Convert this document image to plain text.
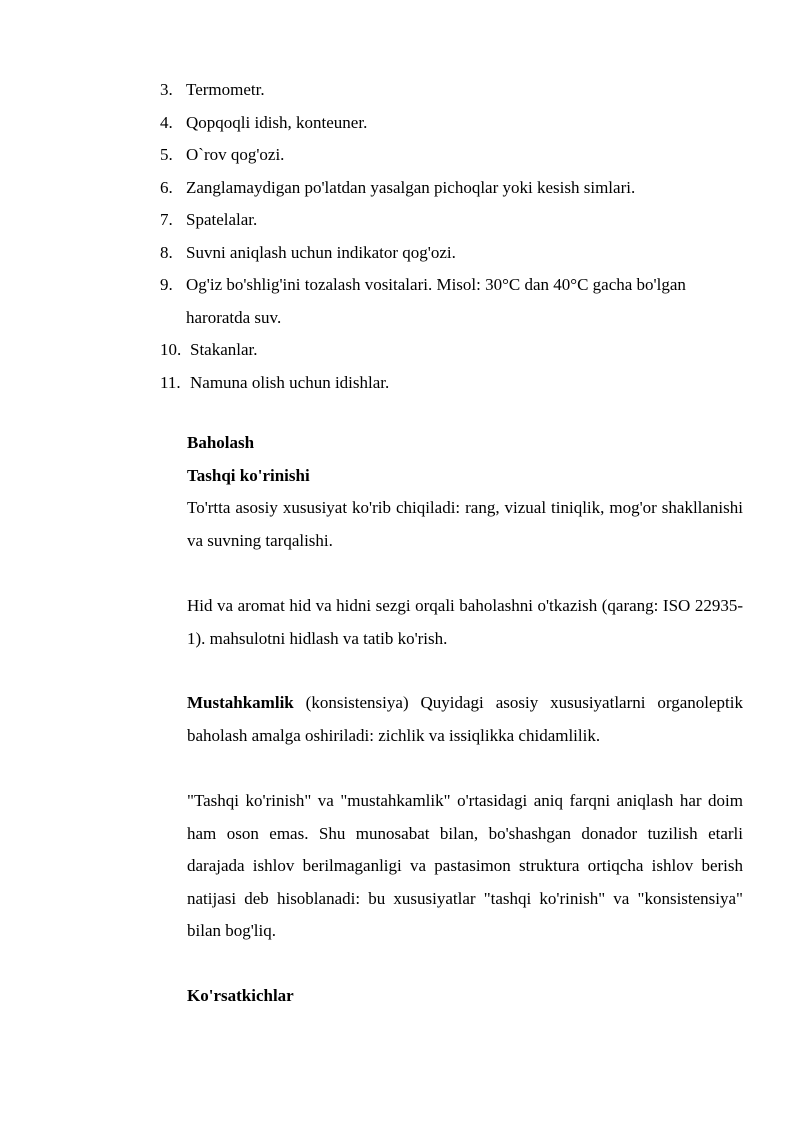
3. Termometr.
4. Qopqoqli idish, konteuner.
5. O`rov qog'ozi.
6. Zanglamaydigan po'latdan yasalgan pichoqlar yoki kesish simlari.
7. Spatelalar.
8. Suvni aniqlash uchun indikator qog'ozi.
9. Og'iz bo'shlig'ini tozalash vositalari. Misol: 30°C dan 40°C gacha bo'lgan haroratda suv.
10. Stakanlar.
11. Namuna olish uchun idishlar.

Baholash

Tashqi ko'rinishi

To'rtta asosiy xususiyat ko'rib chiqiladi: rang, vizual tiniqlik, mog'or shakllanishi va suvning tarqalishi.

Hid va aromat hid va hidni sezgi orqali baholashni o'tkazish (qarang: ISO 22935-1). mahsulotni hidlash va tatib ko'rish.

Mustahkamlik (konsistensiya) Quyidagi asosiy xususiyatlarni organoleptik baholash amalga oshiriladi: zichlik va issiqlikka chidamlilik.

"Tashqi ko'rinish" va "mustahkamlik" o'rtasidagi aniq farqni aniqlash har doim ham oson emas. Shu munosabat bilan, bo'shashgan donador tuzilish etarli darajada ishlov berilmaganligi va pastasimon struktura ortiqcha ishlov berish natijasi deb hisoblanadi: bu xususiyatlar "tashqi ko'rinish" va "konsistensiya" bilan bog'liq.

Ko'rsatkichlar
